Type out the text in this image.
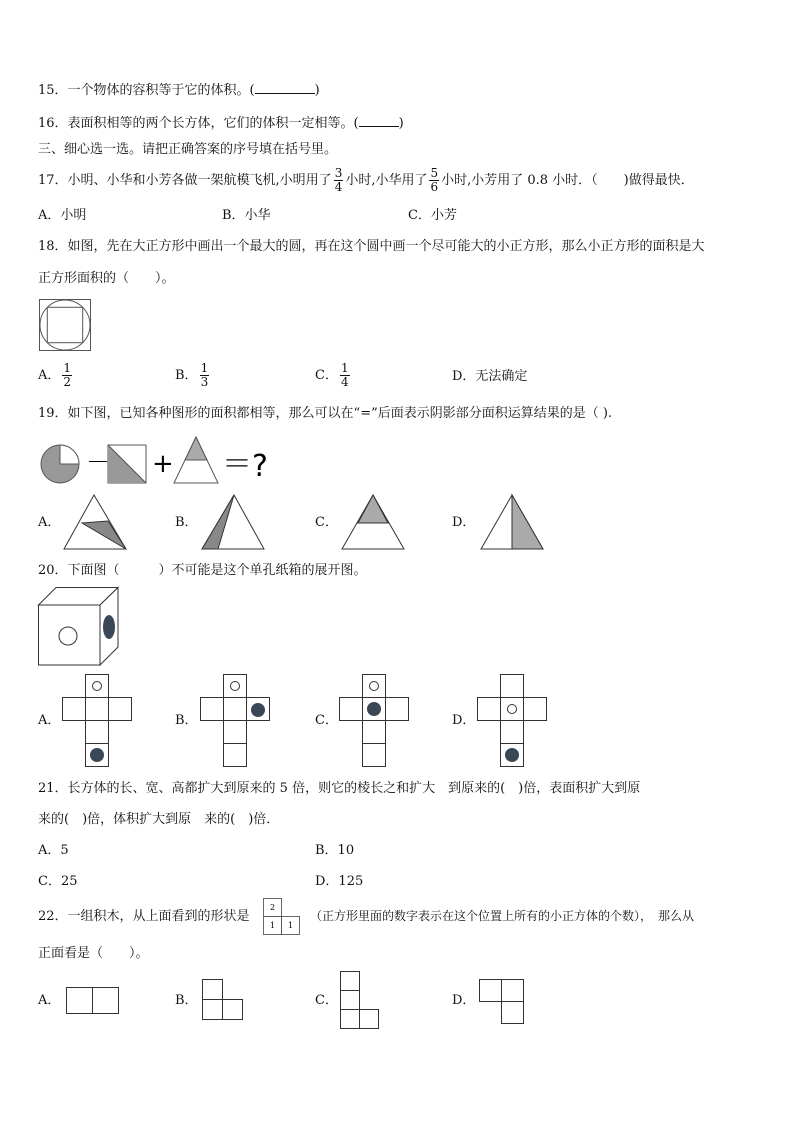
15．一个物体的容积等于它的体积。(	)
16．表面积相等的两个长方体，它们的体积一定相等。(	)
三、细心选一选。请把正确答案的序号填在括号里。
17．小明、小华和小芳各做一架航模飞机,小明用了 $\frac{3}{4}$ 小时,小华用了 $\frac{5}{6}$ 小时,小芳用了 0.8 小时．（　　)做得最快．
A．小明	B．小华	C．小芳
18．如图，先在大正方形中画出一个最大的圆，再在这个圆中画一个尽可能大的小正方形，那么小正方形的面积是大
正方形面积的（　　）。
A． $\frac{1}{2}$	B． $\frac{1}{3}$	C． $\frac{1}{4}$	D．无法确定
19．如下图，已知各种图形的面积都相等，那么可以在“=”后面表示阴影部分面积运算结果的是（ ).
－ + ＝ ?
A．	B．	C．	D．
20．下面图（　　　）不可能是这个单孔纸箱的展开图。
A．	B．	C．	D．
21．长方体的长、宽、高都扩大到原来的 5 倍，则它的棱长之和扩大　到原来的(　)倍，表面积扩大到原
来的(　)倍，体积扩大到原　来的(　)倍．
A．5	B．10
C．25	D．125
22．一组积木，从上面看到的形状是
2
1 1
（正方形里面的数字表示在这个位置上所有的小正方体的个数），　那么从
正面看是（　　）。
A．	B．	C．	D．
